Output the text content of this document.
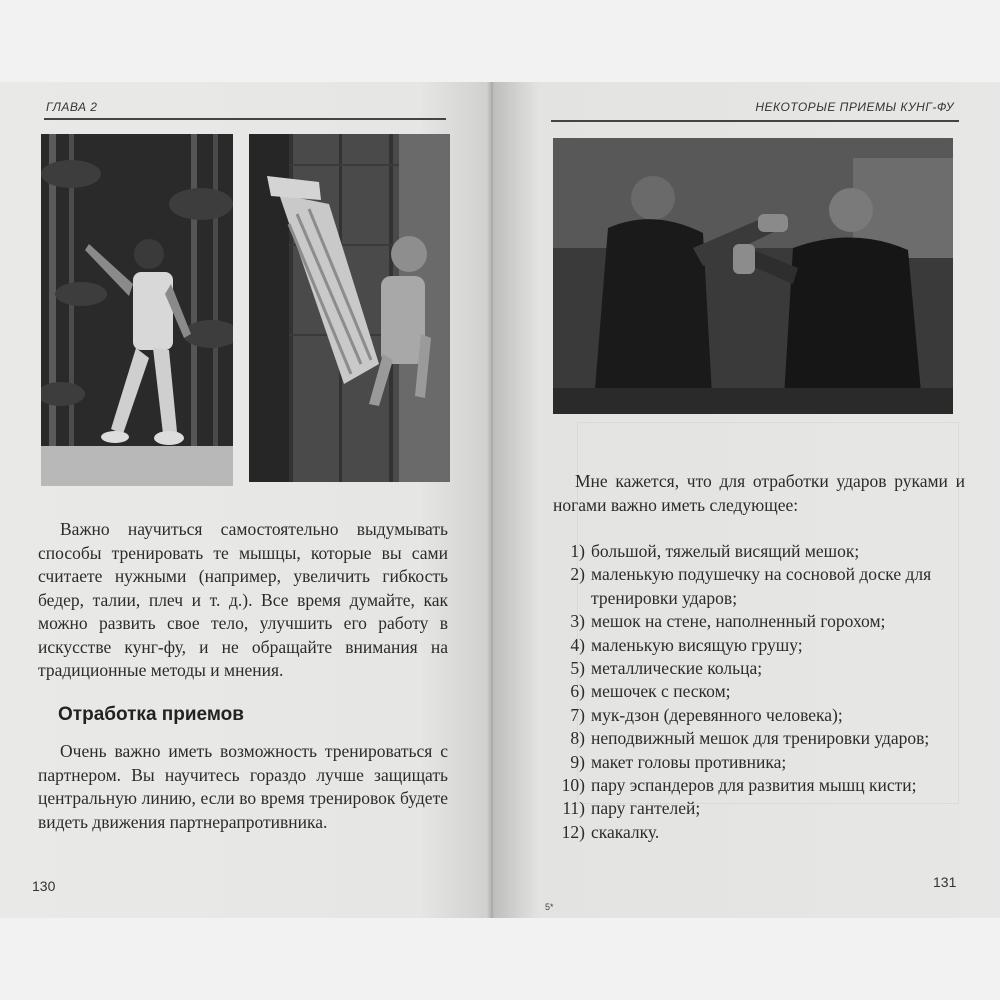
ГЛАВА 2

Важно научиться самостоятельно выдумывать способы тренировать те мышцы, которые вы сами считаете нужными (например, увеличить гибкость бедер, талии, плеч и т. д.). Все время думайте, как можно развить свое тело, улучшить его работу в искусстве кунг-фу, и не обращайте внимания на традиционные методы и мнения.

Отработка приемов

Очень важно иметь возможность тренироваться с партнером. Вы научитесь гораздо лучше защищать центральную линию, если во время тренировок будете видеть движения партнерапротивника.

130
НЕКОТОРЫЕ ПРИЕМЫ КУНГ-ФУ

Мне кажется, что для отработки ударов руками и ногами важно иметь следующее:

1) большой, тяжелый висящий мешок;
2) маленькую подушечку на сосновой доске для тренировки ударов;
3) мешок на стене, наполненный горохом;
4) маленькую висящую грушу;
5) металлические кольца;
6) мешочек с песком;
7) мук-дзон (деревянного человека);
8) неподвижный мешок для тренировки ударов;
9) макет головы противника;
10) пару эспандеров для развития мышц кисти;
11) пару гантелей;
12) скакалку.
5*
131
